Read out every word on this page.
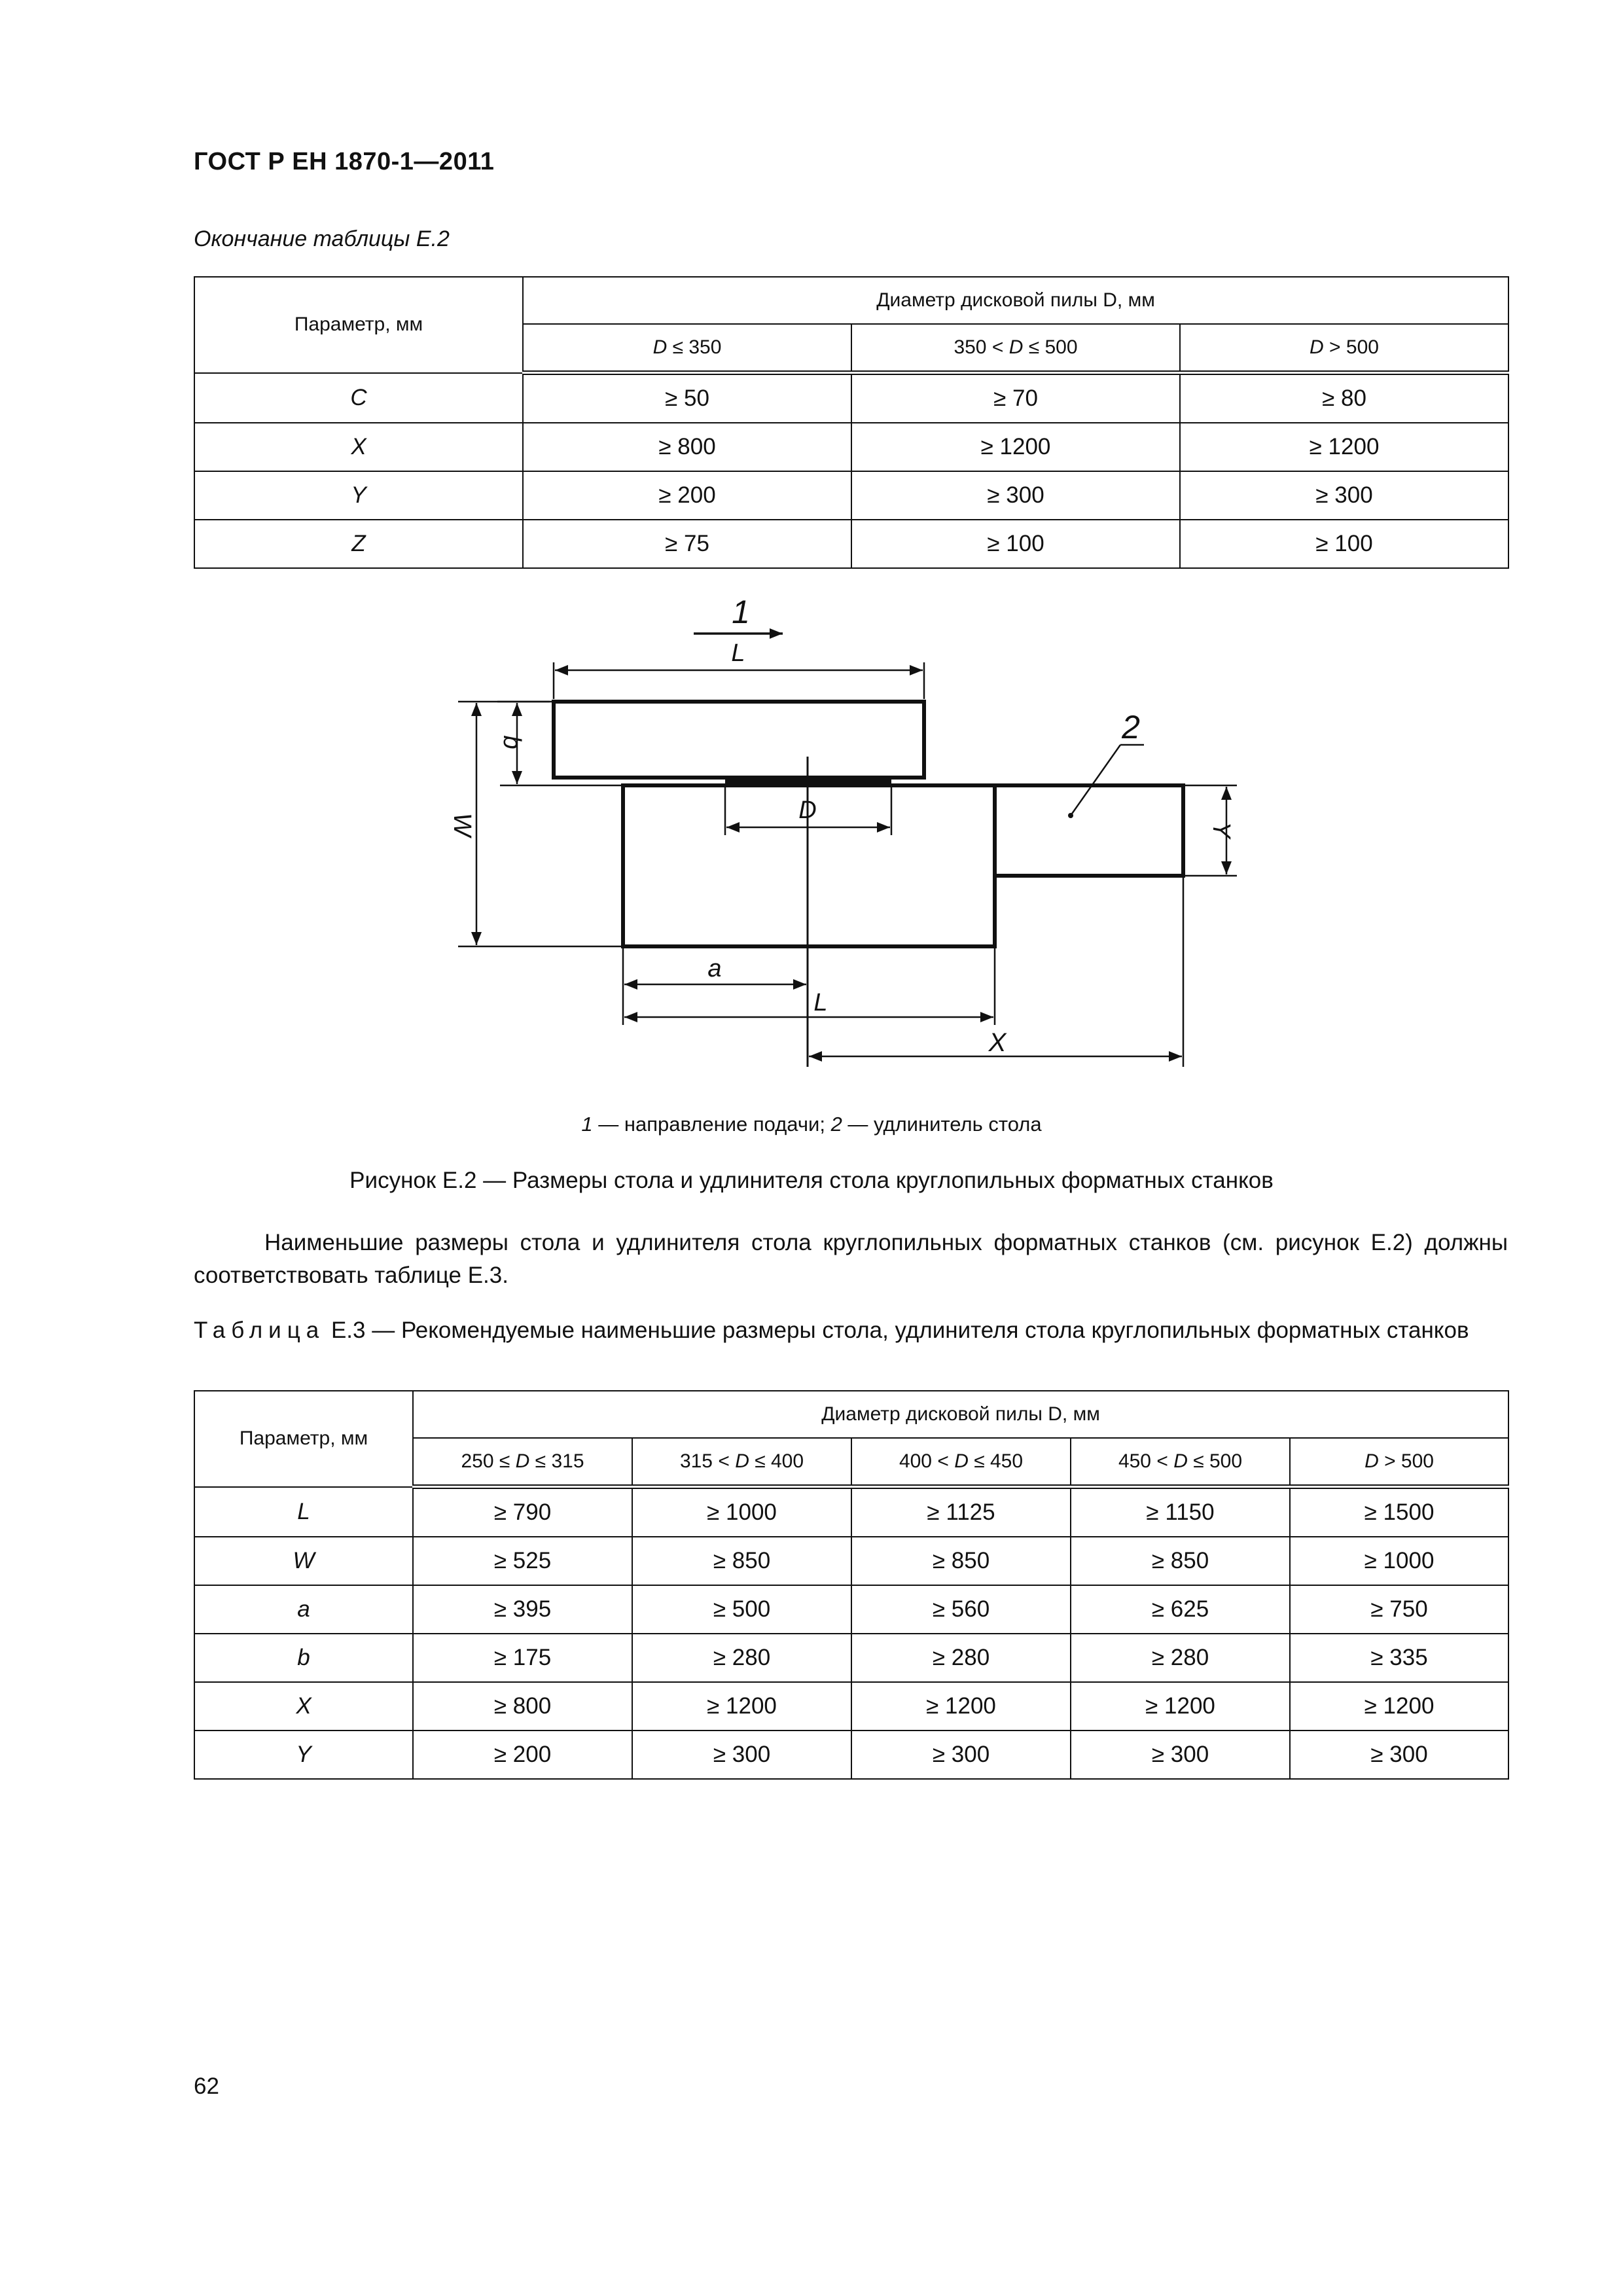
ГОСТ Р ЕН 1870-1—2011
Окончание таблицы Е.2
Параметр, мм	Диаметр дисковой пилы D, мм		
	D ≤ 350	350 < D ≤ 500	D > 500
C	≥ 50	≥ 70	≥ 80
X	≥ 800	≥ 1200	≥ 1200
Y	≥ 200	≥ 300	≥ 300
Z	≥ 75	≥ 100	≥ 100
1
L
2
b
W
D
Y
a
L
X
1 — направление подачи; 2 — удлинитель стола
Рисунок Е.2 — Размеры стола и удлинителя стола круглопильных форматных станков
Наименьшие размеры стола и удлинителя стола круглопильных форматных станков (см. рисунок Е.2) должны соответствовать таблице Е.3.
Таблица Е.3 — Рекомендуемые наименьшие размеры стола, удлинителя стола круглопильных форматных станков
Параметр, мм	Диаметр дисковой пилы D, мм				
	250 ≤ D ≤ 315	315 < D ≤ 400	400 < D ≤ 450	450 < D ≤ 500	D > 500
L	≥ 790	≥ 1000	≥ 1125	≥ 1150	≥ 1500
W	≥ 525	≥ 850	≥ 850	≥ 850	≥ 1000
a	≥ 395	≥ 500	≥ 560	≥ 625	≥ 750
b	≥ 175	≥ 280	≥ 280	≥ 280	≥ 335
X	≥ 800	≥ 1200	≥ 1200	≥ 1200	≥ 1200
Y	≥ 200	≥ 300	≥ 300	≥ 300	≥ 300
62
